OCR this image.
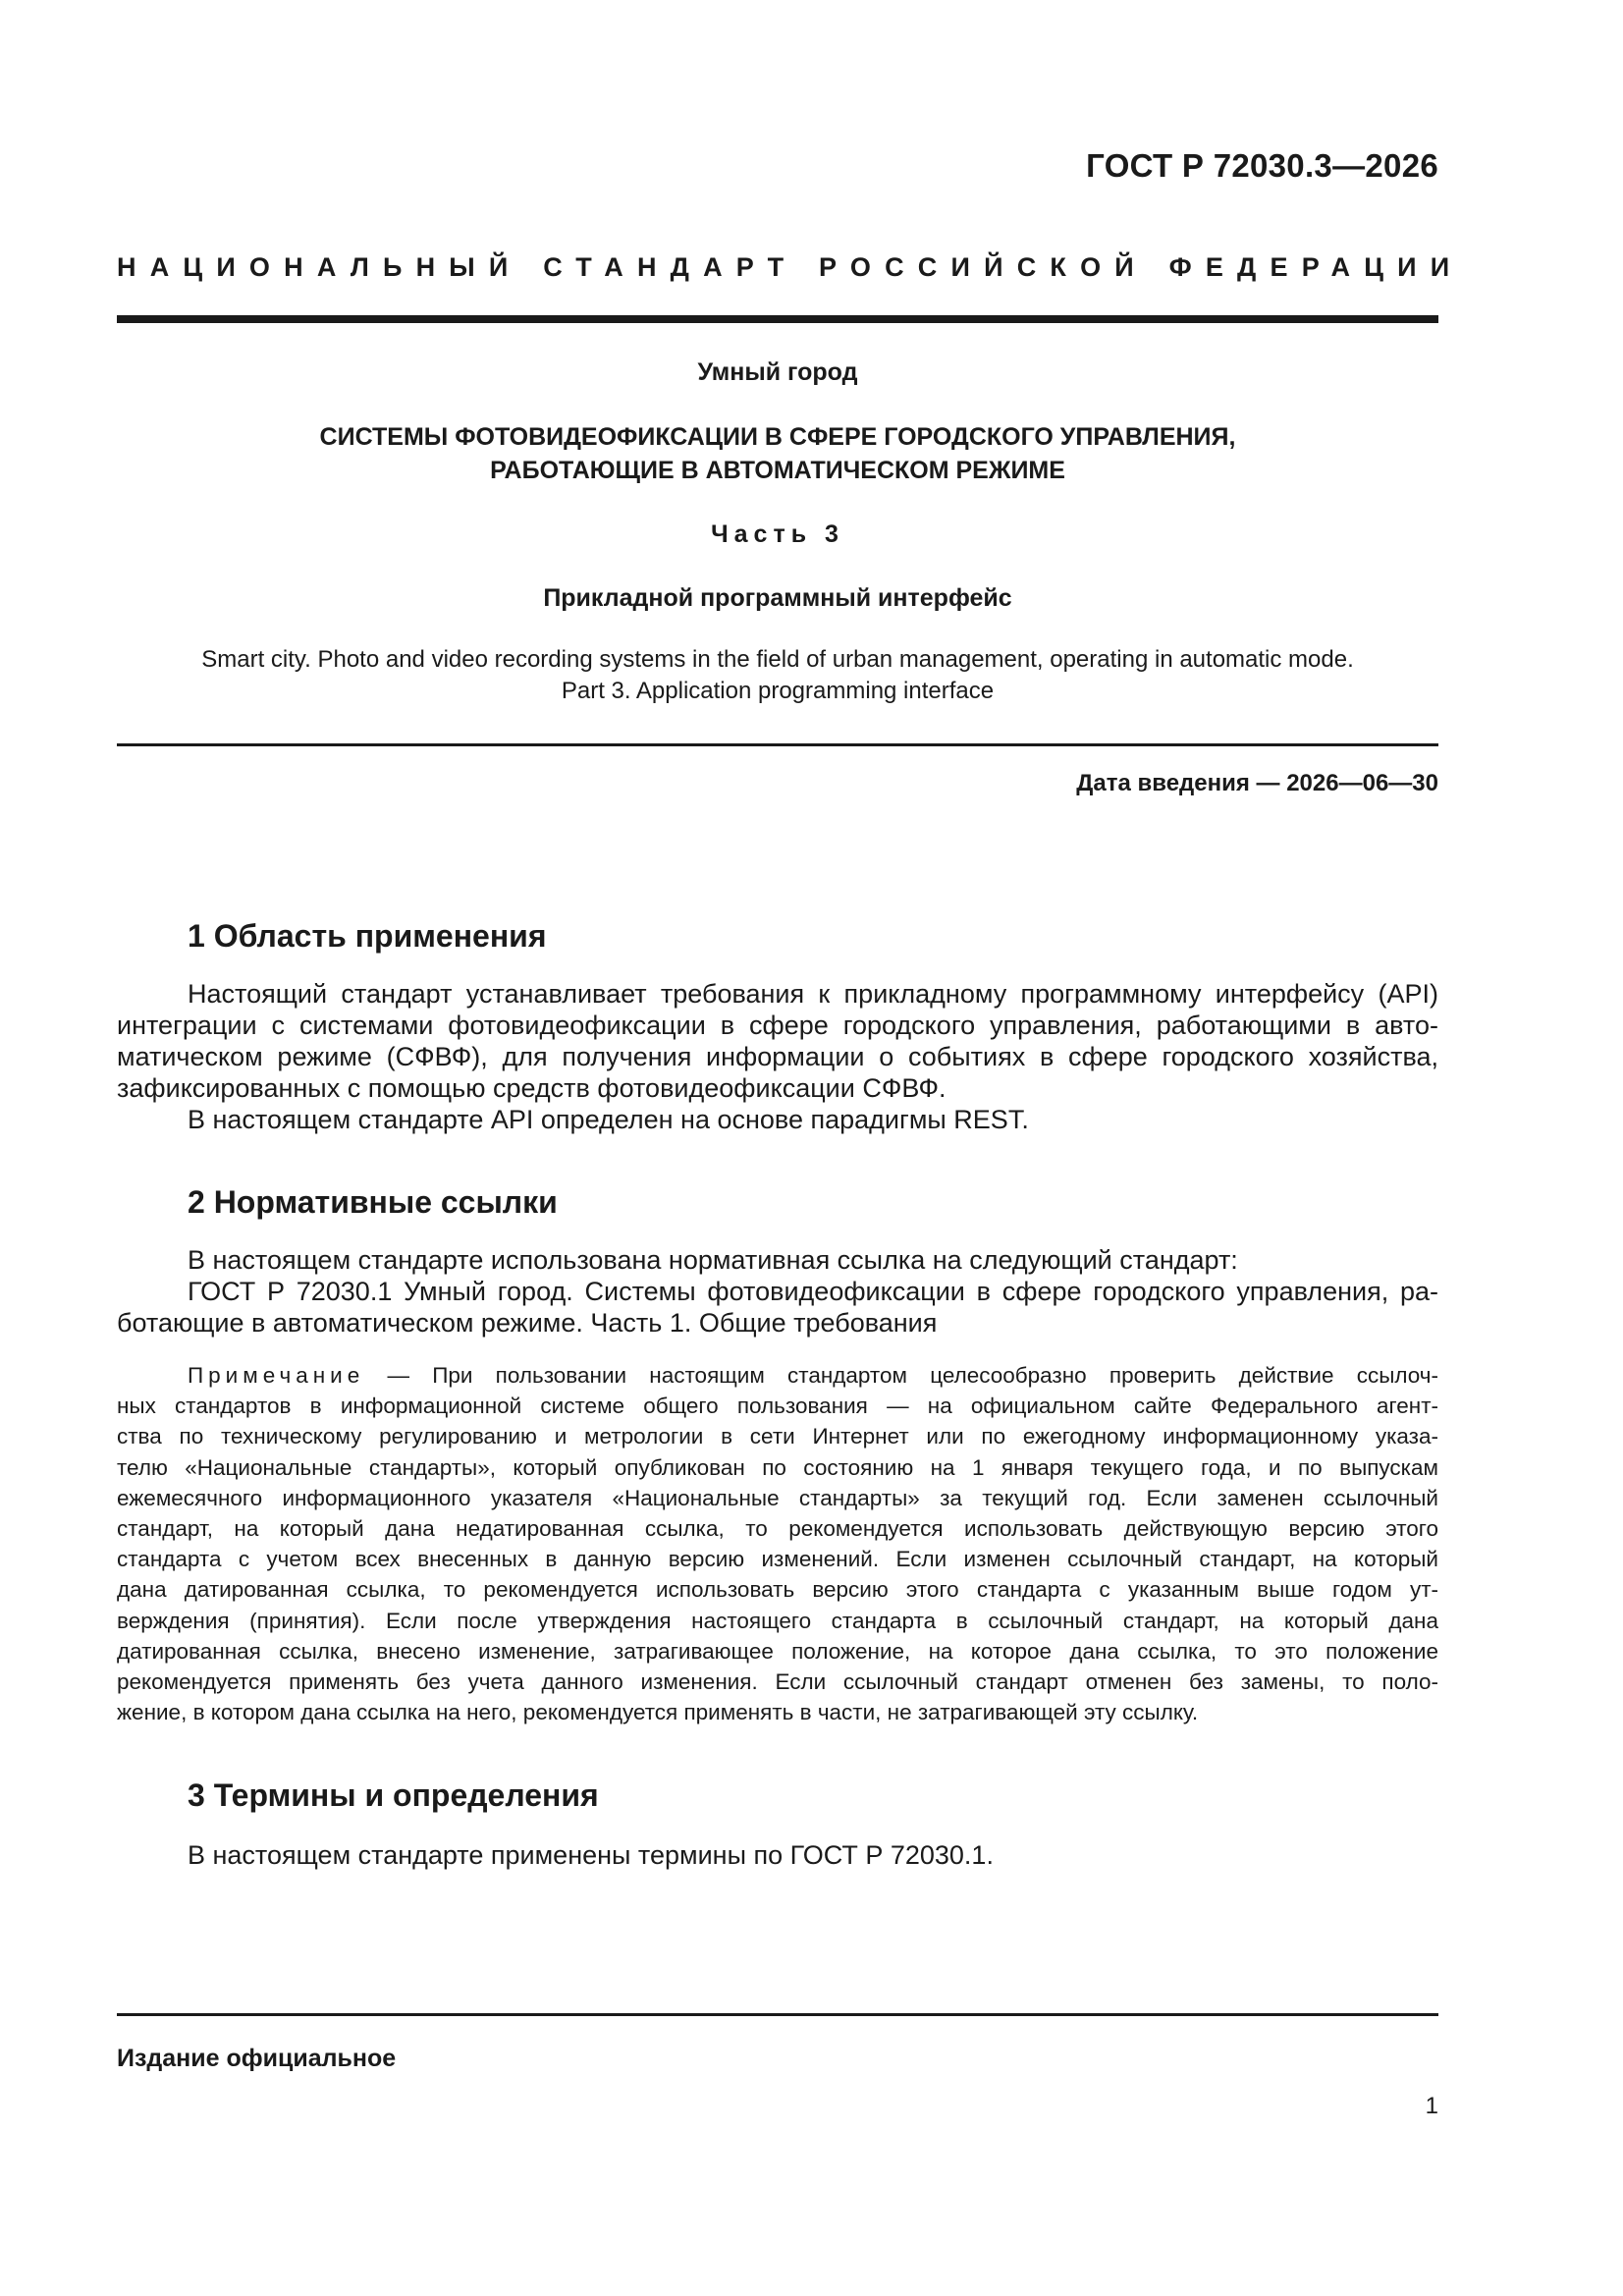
ГОСТ Р 72030.3—2026
НАЦИОНАЛЬНЫЙ СТАНДАРТ РОССИЙСКОЙ ФЕДЕРАЦИИ
Умный город
СИСТЕМЫ ФОТОВИДЕОФИКСАЦИИ В СФЕРЕ ГОРОДСКОГО УПРАВЛЕНИЯ,
РАБОТАЮЩИЕ В АВТОМАТИЧЕСКОМ РЕЖИМЕ
Часть 3
Прикладной программный интерфейс
Smart city. Photo and video recording systems in the field of urban management, operating in automatic mode.
Part 3. Application programming interface
Дата введения — 2026—06—30
1 Область применения
Настоящий стандарт устанавливает требования к прикладному программному интерфейсу (API)
интеграции с системами фотовидеофиксации в сфере городского управления, работающими в авто-
матическом режиме (СФВФ), для получения информации о событиях в сфере городского хозяйства,
зафиксированных с помощью средств фотовидеофиксации СФВФ.
В настоящем стандарте API определен на основе парадигмы REST.
2 Нормативные ссылки
В настоящем стандарте использована нормативная ссылка на следующий стандарт:
ГОСТ Р 72030.1 Умный город. Системы фотовидеофиксации в сфере городского управления, ра-
ботающие в автоматическом режиме. Часть 1. Общие требования
Примечание — При пользовании настоящим стандартом целесообразно проверить действие ссылоч-
ных стандартов в информационной системе общего пользования — на официальном сайте Федерального агент-
ства по техническому регулированию и метрологии в сети Интернет или по ежегодному информационному указа-
телю «Национальные стандарты», который опубликован по состоянию на 1 января текущего года, и по выпускам
ежемесячного информационного указателя «Национальные стандарты» за текущий год. Если заменен ссылочный
стандарт, на который дана недатированная ссылка, то рекомендуется использовать действующую версию этого
стандарта с учетом всех внесенных в данную версию изменений. Если изменен ссылочный стандарт, на который
дана датированная ссылка, то рекомендуется использовать версию этого стандарта с указанным выше годом ут-
верждения (принятия). Если после утверждения настоящего стандарта в ссылочный стандарт, на который дана
датированная ссылка, внесено изменение, затрагивающее положение, на которое дана ссылка, то это положение
рекомендуется применять без учета данного изменения. Если ссылочный стандарт отменен без замены, то поло-
жение, в котором дана ссылка на него, рекомендуется применять в части, не затрагивающей эту ссылку.
3 Термины и определения
В настоящем стандарте применены термины по ГОСТ Р 72030.1.
Издание официальное
1
